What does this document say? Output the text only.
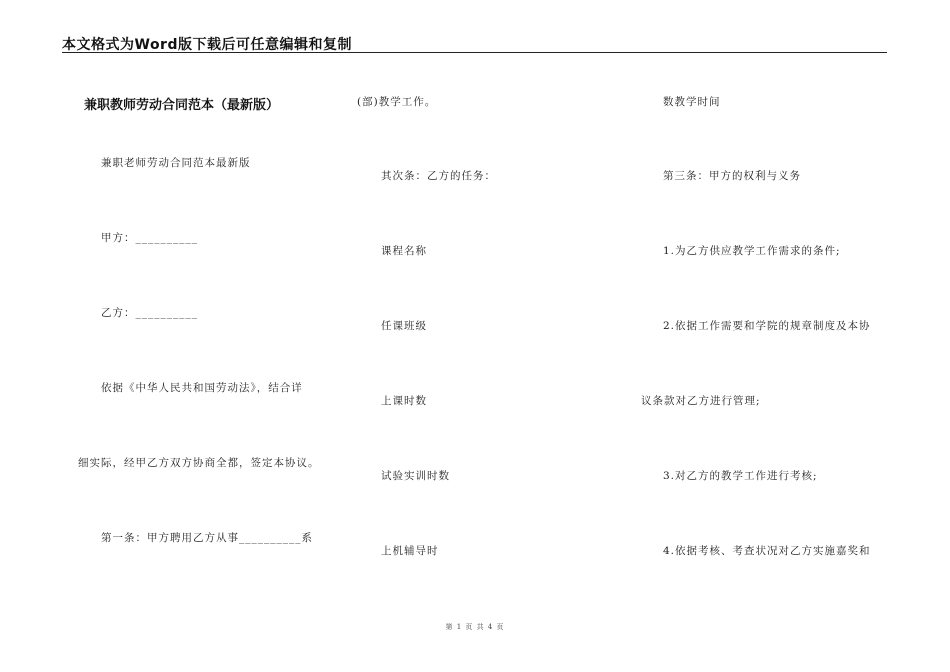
本文格式为Word版下载后可任意编辑和复制
兼职教师劳动合同范本（最新版）
兼职老师劳动合同范本最新版
甲方：__________
乙方：__________
依据《中华人民共和国劳动法》，结合详
细实际，经甲乙方双方协商全都，签定本协议。
第一条：甲方聘用乙方从事__________系
(部)教学工作。
其次条：乙方的任务：
课程名称
任课班级
上课时数
试验实训时数
上机辅导时
数教学时间
第三条：甲方的权利与义务
1.为乙方供应教学工作需求的条件;
2.依据工作需要和学院的规章制度及本协
议条款对乙方进行管理;
3.对乙方的教学工作进行考核;
4.依据考核、考查状况对乙方实施嘉奖和
第 1 页 共 4 页
